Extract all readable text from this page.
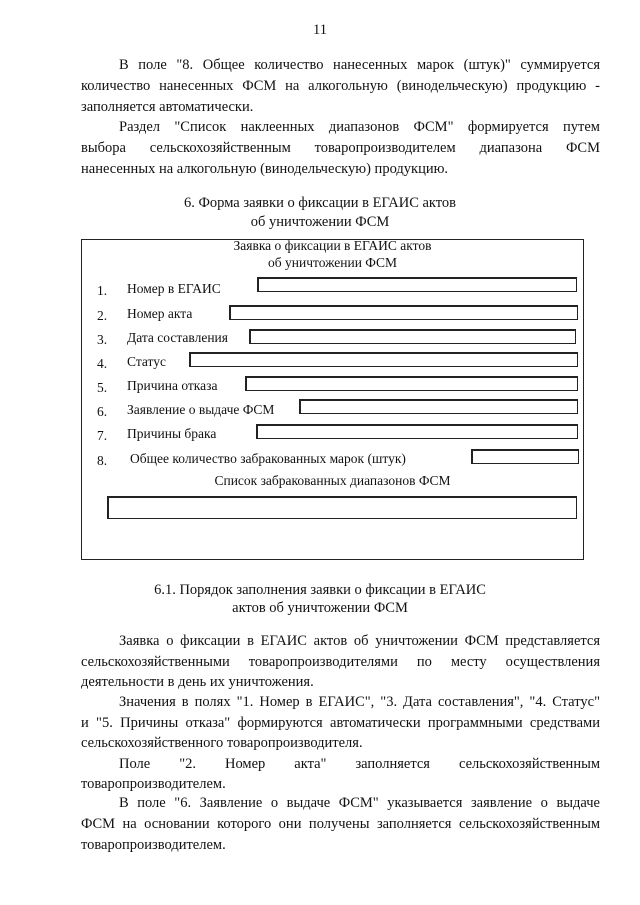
11
В поле "8. Общее количество нанесенных марок (штук)" суммируется
количество нанесенных ФСМ на алкогольную (винодельческую) продукцию -
заполняется автоматически.
Раздел "Список наклеенных диапазонов ФСМ" формируется путем
выбора сельскохозяйственным товаропроизводителем диапазона ФСМ
нанесенных на алкогольную (винодельческую) продукцию.
6. Форма заявки о фиксации в ЕГАИС актов
об уничтожении ФСМ
Заявка о фиксации в ЕГАИС актов
об уничтожении ФСМ
1. Номер в ЕГАИС
2. Номер акта
3. Дата составления
4. Статус
5. Причина отказа
6. Заявление о выдаче ФСМ
7. Причины брака
8. Общее количество забракованных марок (штук)
Список забракованных диапазонов ФСМ
6.1. Порядок заполнения заявки о фиксации в ЕГАИС
актов об уничтожении ФСМ
Заявка о фиксации в ЕГАИС актов об уничтожении ФСМ представляется
сельскохозяйственными товаропроизводителями по месту осуществления
деятельности в день их уничтожения.
Значения в полях "1. Номер в ЕГАИС", "3. Дата составления", "4. Статус"
и "5. Причины отказа" формируются автоматически программными средствами
сельскохозяйственного товаропроизводителя.
Поле "2. Номер акта" заполняется сельскохозяйственным
товаропроизводителем.
В поле "6. Заявление о выдаче ФСМ" указывается заявление о выдаче
ФСМ на основании которого они получены заполняется сельскохозяйственным
товаропроизводителем.
